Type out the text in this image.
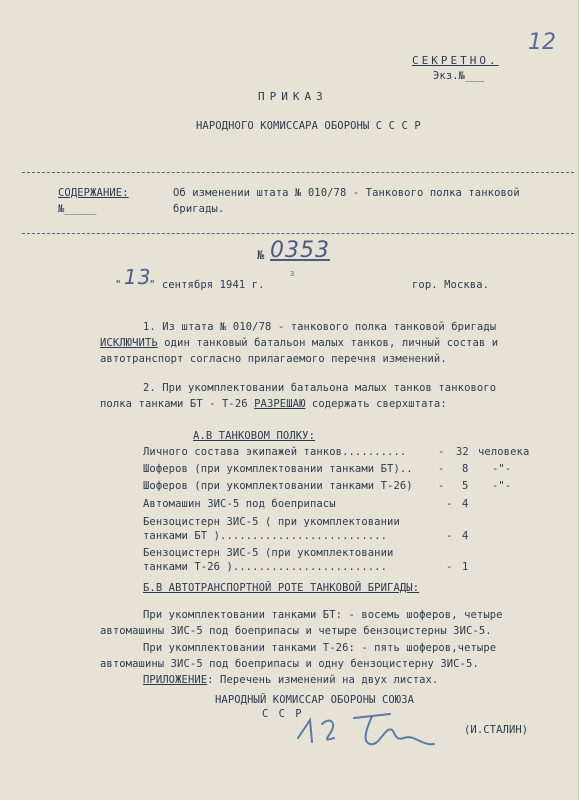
СЕКРЕТНО.
Экз.№___
12
ПРИКАЗ
НАРОДНОГО КОМИССАРА ОБОРОНЫ С С С Р
СОДЕРЖАНИЕ:
№_____
Об изменении штата № 010/78 - Танкового полка танковой
бригады.
№ 0353
" 13
" сентября 1941 г.
3
гор. Москва.
1. Из штата № 010/78 - танкового полка танковой бригады
ИСКЛЮЧИТЬ один танковый батальон малых танков, личный состав и
автотранспорт согласно прилагаемого перечня изменений.
2. При укомплектовании батальона малых танков танкового
полка танками БТ - Т-26 РАЗРЕШАЮ содержать сверхштата:
А.В ТАНКОВОМ ПОЛКУ:
Личного состава экипажей танков..........	- 32 человека
Шоферов (при укомплектовании танками БТ).. - 8 -"-
Шоферов (при укомплектовании танками Т-26) - 5 -"-
Автомашин ЗИС-5 под боеприпасы	- 4
Бензоцистерн ЗИС-5 ( при укомплектовании
танками БТ )..........................	- 4
Бензоцистерн ЗИС-5 (при укомплектовании
танками Т-26 )........................	- 1
Б.В АВТОТРАНСПОРТНОЙ РОТЕ ТАНКОВОЙ БРИГАДЫ:
При укомплектовании танками БТ: - восемь шоферов, четыре
автомашины ЗИС-5 под боеприпасы и четыре бензоцистерны ЗИС-5.
При укомплектовании танками Т-26: - пять шоферов,четыре
автомашины ЗИС-5 под боеприпасы и одну бензоцистерну ЗИС-5.
ПРИЛОЖЕНИЕ: Перечень изменений на двух листах.
НАРОДНЫЙ КОМИССАР ОБОРОНЫ СОЮЗА
С С Р
(И.СТАЛИН)
